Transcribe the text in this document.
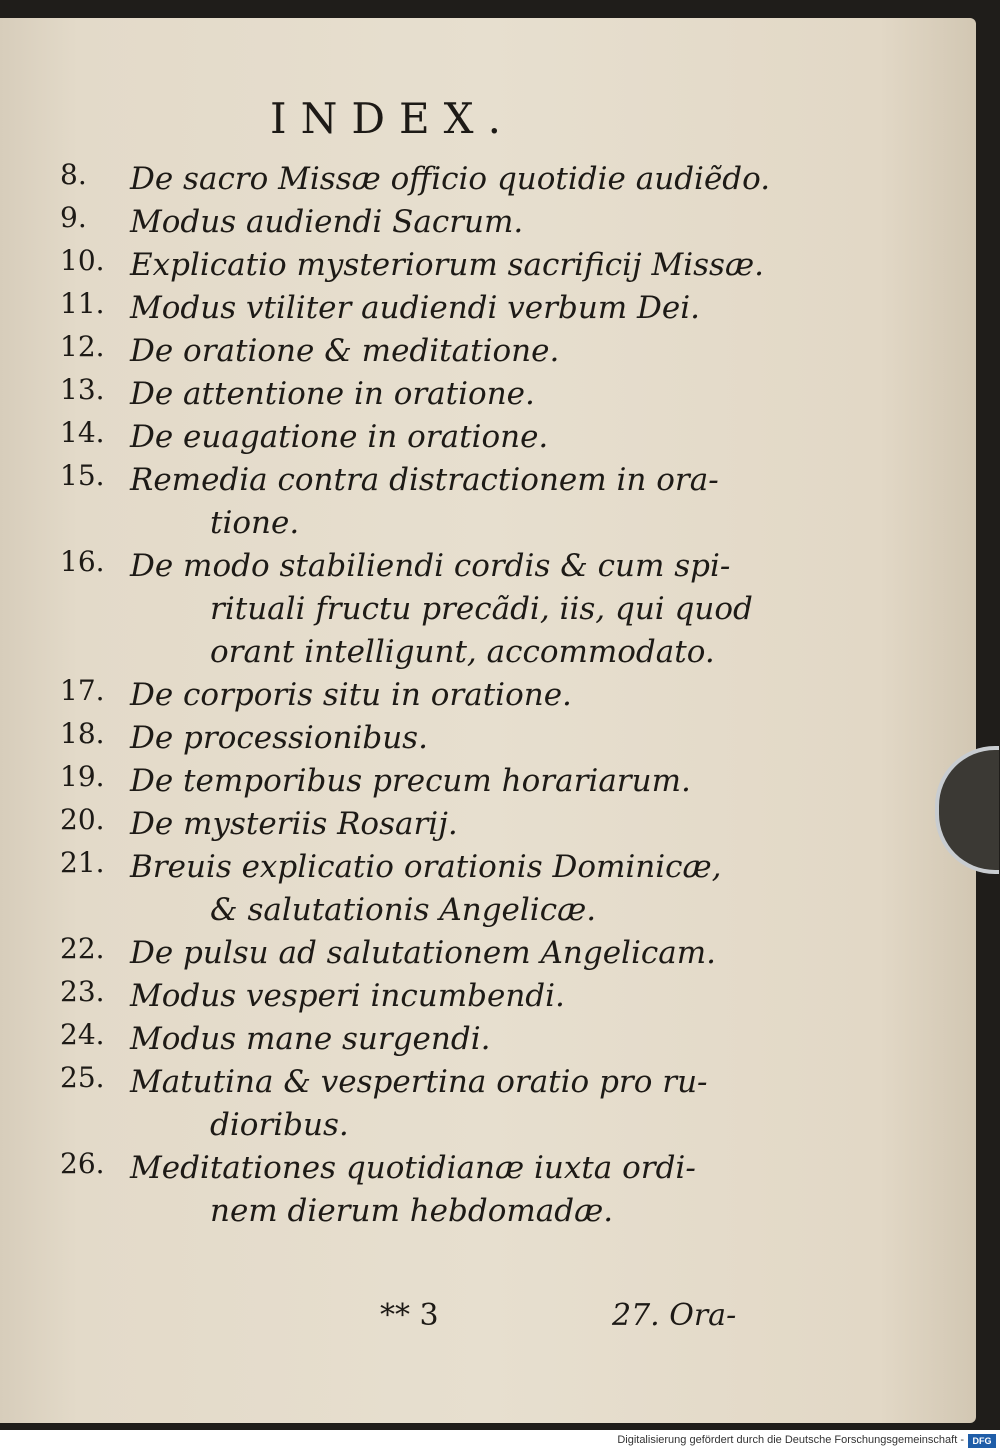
INDEX.
8.	De sacro Missæ officio quotidie audiẽdo.
9.	Modus audiendi Sacrum.
10. Explicatio mysteriorum sacrificij Missæ.
11. Modus vtiliter audiendi verbum Dei.
12. De oratione & meditatione.
13. De attentione in oratione.
14. De euagatione in oratione.
15. Remedia contra distractionem in ora-
tione.
16. De modo stabiliendi cordis & cum spi-
rituali fructu precãdi, iis, qui quod
orant intelligunt, accommodato.
17. De corporis situ in oratione.
18. De processionibus.
19. De temporibus precum horariarum.
20. De mysteriis Rosarij.
21. Breuis explicatio orationis Dominicæ,
& salutationis Angelicæ.
22. De pulsu ad salutationem Angelicam.
23. Modus vesperi incumbendi.
24. Modus mane surgendi.
25. Matutina & vespertina oratio pro ru-
dioribus.
26. Meditationes quotidianæ iuxta ordi-
nem dierum hebdomadæ.
** 3	27. Ora-
Digitalisierung gefördert durch die Deutsche Forschungsgemeinschaft - DFG
